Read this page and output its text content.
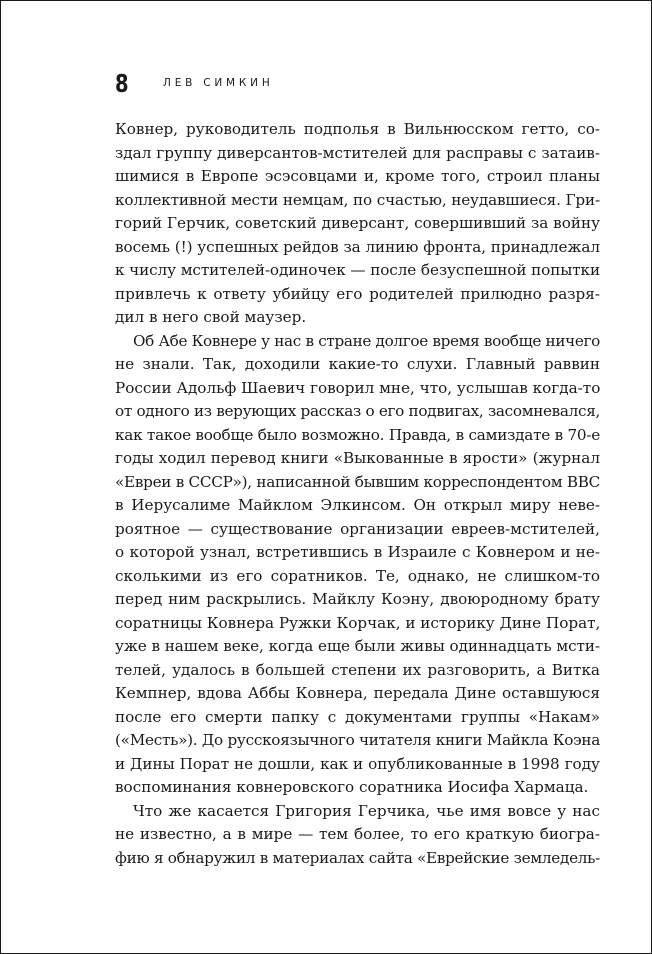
8	ЛЕВ СИМКИН
Ковнер, руководитель подполья в Вильнюсском гетто, со-
здал группу диверсантов-мстителей для расправы с затаив-
шимися в Европе эсэсовцами и, кроме того, строил планы
коллективной мести немцам, по счастью, неудавшиеся. Гри-
горий Герчик, советский диверсант, совершивший за войну
восемь (!) успешных рейдов за линию фронта, принадлежал
к числу мстителей-одиночек — после безуспешной попытки
привлечь к ответу убийцу его родителей прилюдно разря-
дил в него свой маузер.
Об Абе Ковнере у нас в стране долгое время вообще ничего
не знали. Так, доходили какие-то слухи. Главный раввин
России Адольф Шаевич говорил мне, что, услышав когда-то
от одного из верующих рассказ о его подвигах, засомневался,
как такое вообще было возможно. Правда, в самиздате в 70-е
годы ходил перевод книги «Выкованные в ярости» (журнал
«Евреи в СССР»), написанной бывшим корреспондентом ВВС
в Иерусалиме Майклом Элкинсом. Он открыл миру неве-
роятное — существование организации евреев-мстителей,
о которой узнал, встретившись в Израиле с Ковнером и не-
сколькими из его соратников. Те, однако, не слишком-то
перед ним раскрылись. Майклу Коэну, двоюродному брату
соратницы Ковнера Ружки Корчак, и историку Дине Порат,
уже в нашем веке, когда еще были живы одиннадцать мсти-
телей, удалось в большей степени их разговорить, а Витка
Кемпнер, вдова Аббы Ковнера, передала Дине оставшуюся
после его смерти папку с документами группы «Накам»
(«Месть»). До русскоязычного читателя книги Майкла Коэна
и Дины Порат не дошли, как и опубликованные в 1998 году
воспоминания ковнеровского соратника Иосифа Хармаца.
Что же касается Григория Герчика, чье имя вовсе у нас
не известно, а в мире — тем более, то его краткую биогра-
фию я обнаружил в материалах сайта «Еврейские земледель-
